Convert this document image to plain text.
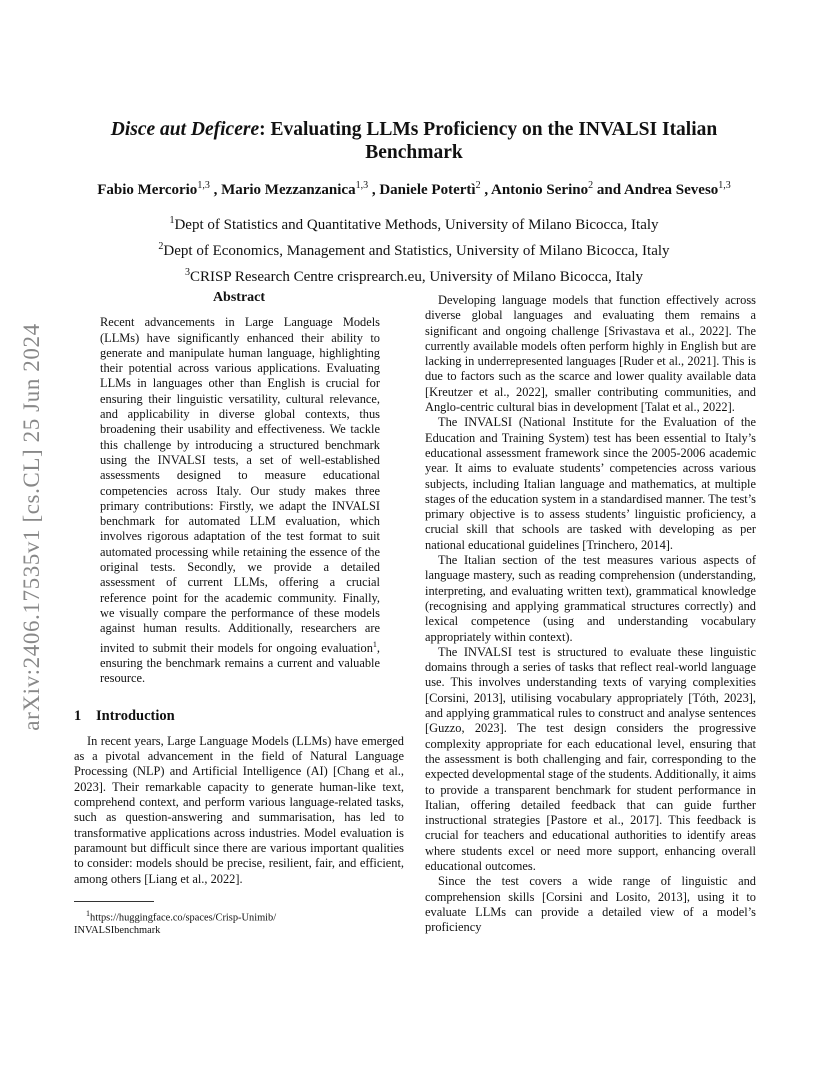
arXiv:2406.17535v1 [cs.CL] 25 Jun 2024
Disce aut Deficere: Evaluating LLMs Proficiency on the INVALSI Italian Benchmark
Fabio Mercorio$^{1,3}$ , Mario Mezzanzanica$^{1,3}$ , Daniele Potertì$^2$ , Antonio Serino$^2$ and Andrea Seveso$^{1,3}$
$^1$Dept of Statistics and Quantitative Methods, University of Milano Bicocca, Italy
$^2$Dept of Economics, Management and Statistics, University of Milano Bicocca, Italy
$^3$CRISP Research Centre crisprearch.eu, University of Milano Bicocca, Italy
Abstract

Recent advancements in Large Language Models (LLMs) have significantly enhanced their ability to generate and manipulate human language, highlighting their potential across various applications. Evaluating LLMs in languages other than English is crucial for ensuring their linguistic versatility, cultural relevance, and applicability in diverse global contexts, thus broadening their usability and effectiveness. We tackle this challenge by introducing a structured benchmark using the INVALSI tests, a set of well-established assessments designed to measure educational competencies across Italy. Our study makes three primary contributions: Firstly, we adapt the INVALSI benchmark for automated LLM evaluation, which involves rigorous adaptation of the test format to suit automated processing while retaining the essence of the original tests. Secondly, we provide a detailed assessment of current LLMs, offering a crucial reference point for the academic community. Finally, we visually compare the performance of these models against human results. Additionally, researchers are invited to submit their models for ongoing evaluation$^1$, ensuring the benchmark remains a current and valuable resource.

1 Introduction

In recent years, Large Language Models (LLMs) have emerged as a pivotal advancement in the field of Natural Language Processing (NLP) and Artificial Intelligence (AI) [Chang et al., 2023]. Their remarkable capacity to generate human-like text, comprehend context, and perform various language-related tasks, such as question-answering and summarisation, has led to transformative applications across industries. Model evaluation is paramount but difficult since there are various important qualities to consider: models should be precise, resilient, fair, and efficient, among others [Liang et al., 2022].

$^1$https://huggingface.co/spaces/Crisp-Unimib/
INVALSIbenchmark

Developing language models that function effectively across diverse global languages and evaluating them remains a significant and ongoing challenge [Srivastava et al., 2022]. The currently available models often perform highly in English but are lacking in underrepresented languages [Ruder et al., 2021]. This is due to factors such as the scarce and lower quality available data [Kreutzer et al., 2022], smaller contributing communities, and Anglo-centric cultural bias in development [Talat et al., 2022].

The INVALSI (National Institute for the Evaluation of the Education and Training System) test has been essential to Italy’s educational assessment framework since the 2005-2006 academic year. It aims to evaluate students’ competencies across various subjects, including Italian language and mathematics, at multiple stages of the education system in a standardised manner. The test’s primary objective is to assess students’ linguistic proficiency, a crucial skill that schools are tasked with developing as per national educational guidelines [Trinchero, 2014].

The Italian section of the test measures various aspects of language mastery, such as reading comprehension (understanding, interpreting, and evaluating written text), grammatical knowledge (recognising and applying grammatical structures correctly) and lexical competence (using and understanding vocabulary appropriately within context).

The INVALSI test is structured to evaluate these linguistic domains through a series of tasks that reflect real-world language use. This involves understanding texts of varying complexities [Corsini, 2013], utilising vocabulary appropriately [Tóth, 2023], and applying grammatical rules to construct and analyse sentences [Guzzo, 2023]. The test design considers the progressive complexity appropriate for each educational level, ensuring that the assessment is both challenging and fair, corresponding to the expected developmental stage of the students. Additionally, it aims to provide a transparent benchmark for student performance in Italian, offering detailed feedback that can guide further instructional strategies [Pastore et al., 2017]. This feedback is crucial for teachers and educational authorities to identify areas where students excel or need more support, enhancing overall educational outcomes.

Since the test covers a wide range of linguistic and comprehension skills [Corsini and Losito, 2013], using it to evaluate LLMs can provide a detailed view of a model’s proficiency
